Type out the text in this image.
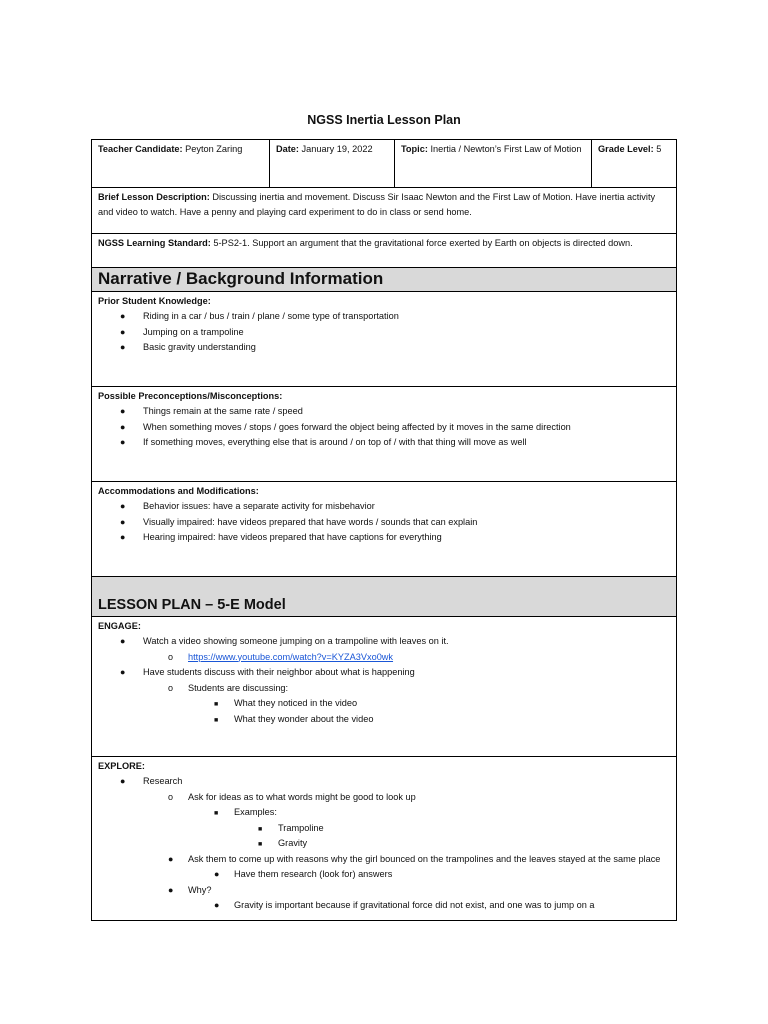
NGSS Inertia Lesson Plan
Teacher Candidate: Peyton Zaring	Date: January 19, 2022	Topic: Inertia / Newton’s First Law of Motion	Grade Level: 5
Brief Lesson Description: Discussing inertia and movement. Discuss Sir Isaac Newton and the First Law of Motion. Have inertia activity and video to watch. Have a penny and playing card experiment to do in class or send home.
NGSS Learning Standard: 5-PS2-1. Support an argument that the gravitational force exerted by Earth on objects is directed down.
Narrative / Background Information
Prior Student Knowledge:
● Riding in a car / bus / train / plane / some type of transportation
● Jumping on a trampoline
● Basic gravity understanding
Possible Preconceptions/Misconceptions:
● Things remain at the same rate / speed
● When something moves / stops / goes forward the object being affected by it moves in the same direction
● If something moves, everything else that is around / on top of / with that thing will move as well
Accommodations and Modifications:
● Behavior issues: have a separate activity for misbehavior
● Visually impaired: have videos prepared that have words / sounds that can explain
● Hearing impaired: have videos prepared that have captions for everything
LESSON PLAN – 5-E Model
ENGAGE:
● Watch a video showing someone jumping on a trampoline with leaves on it.
o https://www.youtube.com/watch?v=KYZA3Vxo0wk
● Have students discuss with their neighbor about what is happening
o Students are discussing:
■ What they noticed in the video
■ What they wonder about the video
EXPLORE:
● Research
o Ask for ideas as to what words might be good to look up
■ Examples:
■ Trampoline
■ Gravity
● Ask them to come up with reasons why the girl bounced on the trampolines and the leaves stayed at the same place
● Have them research (look for) answers
● Why?
● Gravity is important because if gravitational force did not exist, and one was to jump on a
